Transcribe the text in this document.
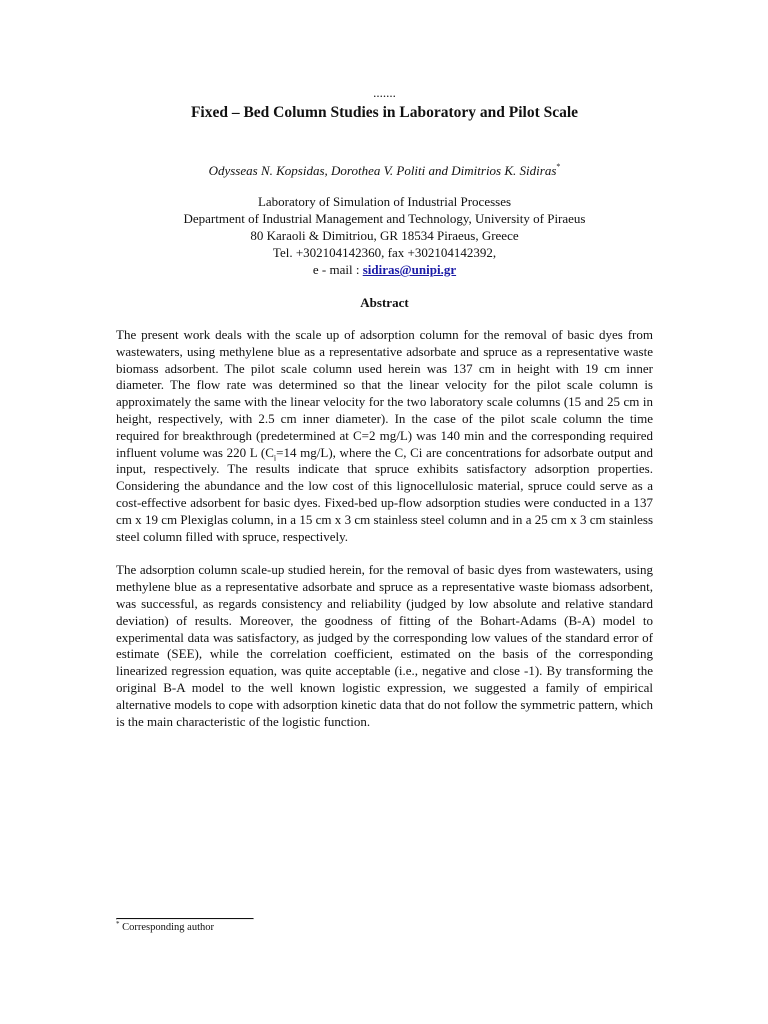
.......

Fixed – Bed Column Studies in Laboratory and Pilot Scale

Odysseas N. Kopsidas, Dorothea V. Politi and Dimitrios K. Sidiras*

Laboratory of Simulation of Industrial Processes
Department of Industrial Management and Technology, University of Piraeus
80 Karaoli & Dimitriou, GR 18534 Piraeus, Greece
Tel. +302104142360, fax +302104142392,
e - mail : sidiras@unipi.gr
Abstract

The present work deals with the scale up of adsorption column for the removal of basic dyes from wastewaters, using methylene blue as a representative adsorbate and spruce as a representative waste biomass adsorbent. The pilot scale column used herein was 137 cm in height with 19 cm inner diameter. The flow rate was determined so that the linear velocity for the pilot scale column is approximately the same with the linear velocity for the two laboratory scale columns (15 and 25 cm in height, respectively, with 2.5 cm inner diameter). In the case of the pilot scale column the time required for breakthrough (predetermined at C=2 mg/L) was 140 min and the corresponding required influent volume was 220 L ($C_i=14$ mg/L), where the C, Ci are concentrations for adsorbate output and input, respectively. The results indicate that spruce exhibits satisfactory adsorption properties. Considering the abundance and the low cost of this lignocellulosic material, spruce could serve as a cost-effective adsorbent for basic dyes. Fixed-bed up-flow adsorption studies were conducted in a 137 cm x 19 cm Plexiglas column, in a 15 cm x 3 cm stainless steel column and in a 25 cm x 3 cm stainless steel column filled with spruce, respectively.

The adsorption column scale-up studied herein, for the removal of basic dyes from wastewaters, using methylene blue as a representative adsorbate and spruce as a representative waste biomass adsorbent, was successful, as regards consistency and reliability (judged by low absolute and relative standard deviation) of results. Moreover, the goodness of fitting of the Bohart-Adams (B-A) model to experimental data was satisfactory, as judged by the corresponding low values of the standard error of estimate (SEE), while the correlation coefficient, estimated on the basis of the corresponding linearized regression equation, was quite acceptable (i.e., negative and close -1). By transforming the original B-A model to the well known logistic expression, we suggested a family of empirical alternative models to cope with adsorption kinetic data that do not follow the symmetric pattern, which is the main characteristic of the logistic function.

* Corresponding author
